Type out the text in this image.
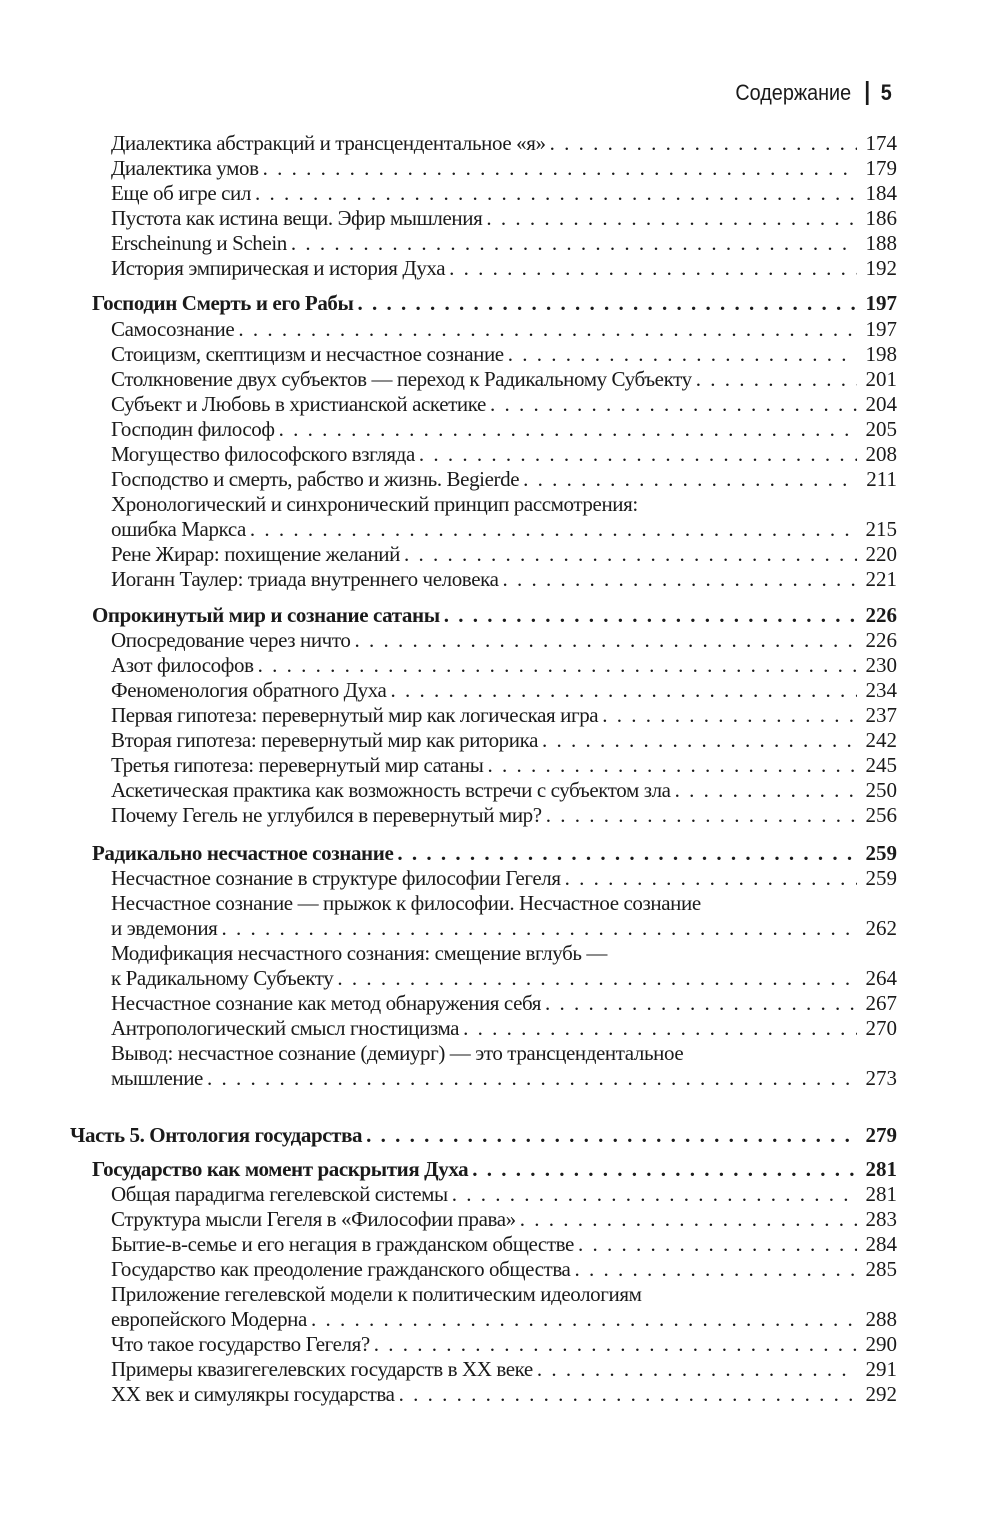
Содержание 5
Диалектика абстракций и трансцендентальное «я» . . .	174
Диалектика умов . . .	179
Еще об игре сил . . .	184
Пустота как истина вещи. Эфир мышления . . .	186
Erscheinung и Schein . . .	188
История эмпирическая и история Духа . . .	192
Господин Смерть и его Рабы . . .	197
Самосознание . . .	197
Стоицизм, скептицизм и несчастное сознание . . .	198
Столкновение двух субъектов — переход к Радикальному Субъекту . . .	201
Субъект и Любовь в христианской аскетике . . .	204
Господин философ . . .	205
Могущество философского взгляда . . .	208
Господство и смерть, рабство и жизнь. Begierde . . .	211
Хронологический и синхронический принцип рассмотрения:
ошибка Маркса . . .	215
Рене Жирар: похищение желаний . . .	220
Иоганн Таулер: триада внутреннего человека . . .	221
Опрокинутый мир и сознание сатаны . . .	226
Опосредование через ничто . . .	226
Азот философов . . .	230
Феноменология обратного Духа . . .	234
Первая гипотеза: перевернутый мир как логическая игра . . .	237
Вторая гипотеза: перевернутый мир как риторика . . .	242
Третья гипотеза: перевернутый мир сатаны . . .	245
Аскетическая практика как возможность встречи с субъектом зла . . .	250
Почему Гегель не углубился в перевернутый мир? . . .	256
Радикально несчастное сознание . . .	259
Несчастное сознание в структуре философии Гегеля . . .	259
Несчастное сознание — прыжок к философии. Несчастное сознание
и эвдемония . . .	262
Модификация несчастного сознания: смещение вглубь —
к Радикальному Субъекту . . .	264
Несчастное сознание как метод обнаружения себя . . .	267
Антропологический смысл гностицизма . . .	270
Вывод: несчастное сознание (демиург) — это трансцендентальное
мышление . . .	273
Часть 5. Онтология государства . . .	279
Государство как момент раскрытия Духа . . .	281
Общая парадигма гегелевской системы . . .	281
Структура мысли Гегеля в «Философии права» . . .	283
Бытие-в-семье и его негация в гражданском обществе . . .	284
Государство как преодоление гражданского общества . . .	285
Приложение гегелевской модели к политическим идеологиям
европейского Модерна . . .	288
Что такое государство Гегеля? . . .	290
Примеры квазигегелевских государств в XX веке . . .	291
XX век и симулякры государства . . .	292
